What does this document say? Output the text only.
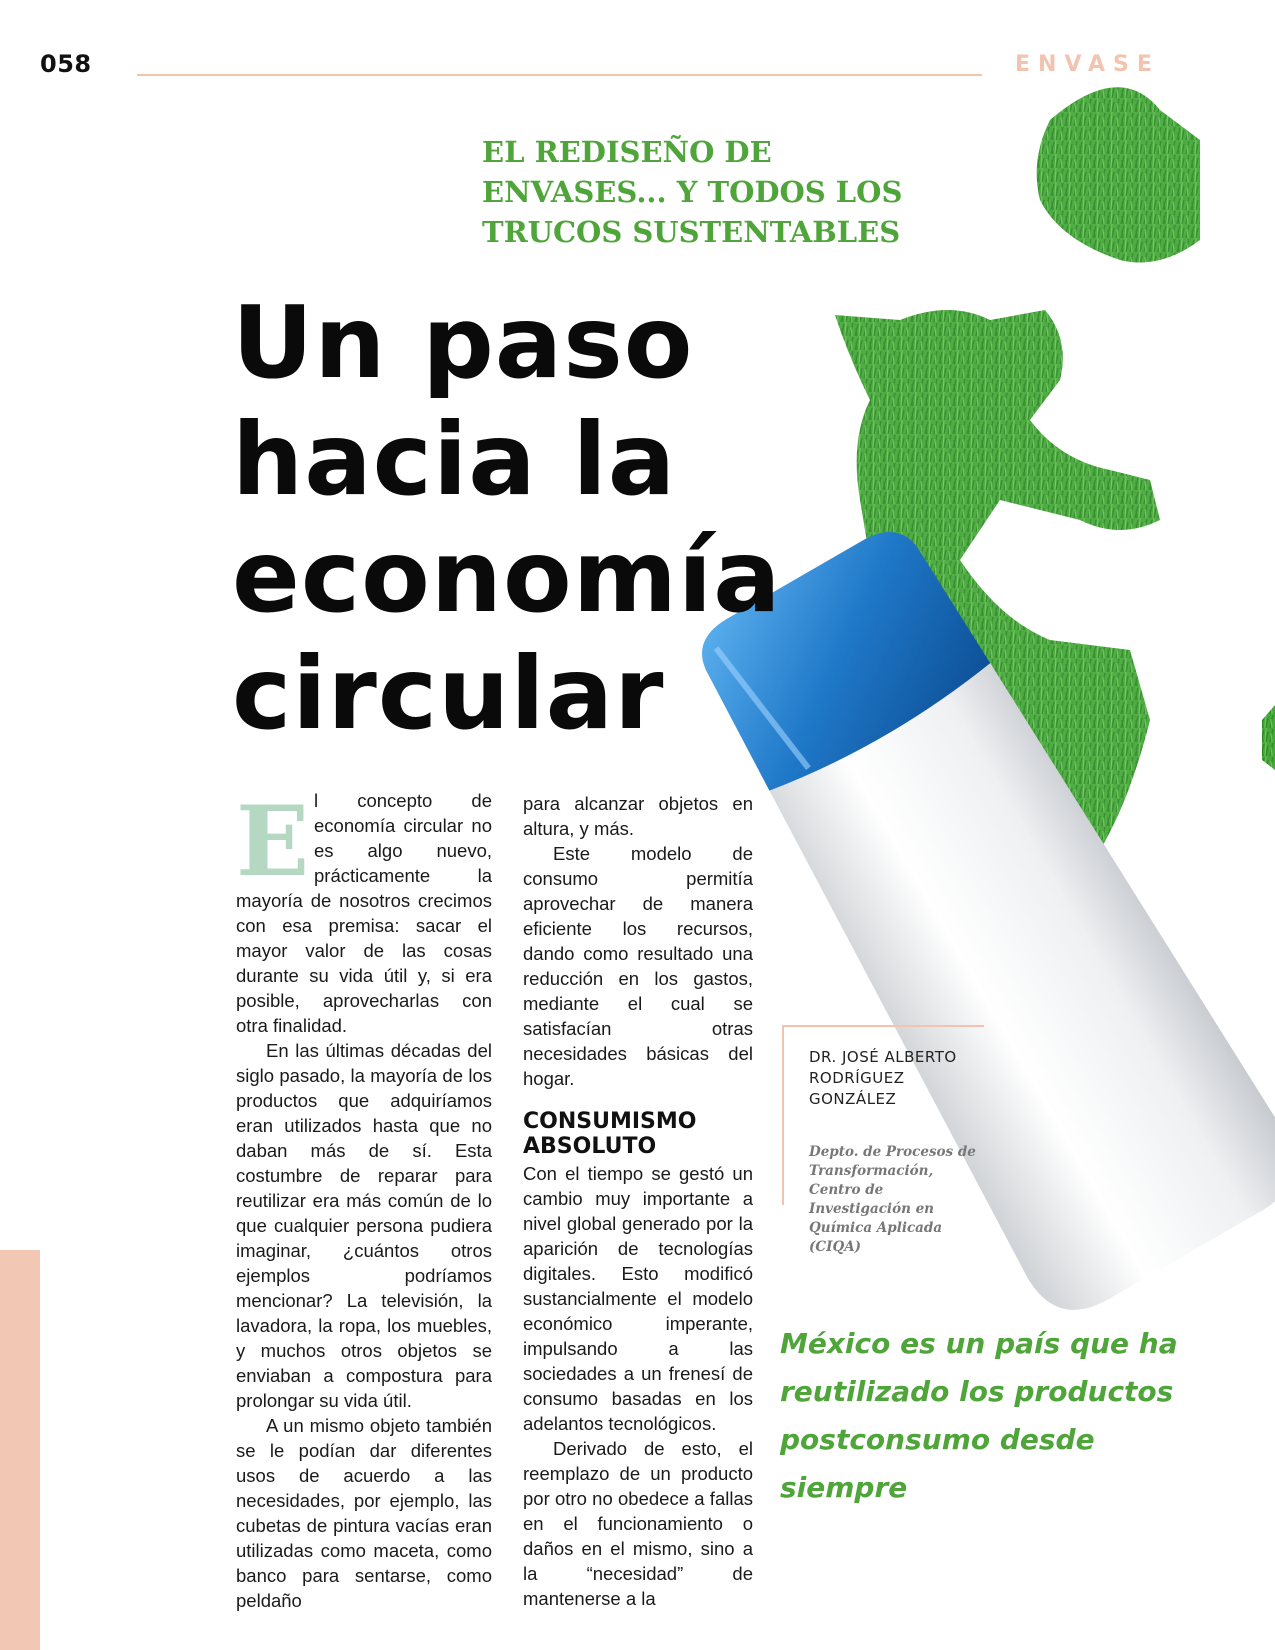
058	ENVASE
EL REDISEÑO DE ENVASES... Y TODOS LOS TRUCOS SUSTENTABLES
Un paso
hacia la
economía
circular

El concepto de economía circular no es algo nuevo, prácticamente la mayoría de nosotros crecimos con esa premisa: sacar el mayor valor de las cosas durante su vida útil y, si era posible, aprovecharlas con otra finalidad.

En las últimas décadas del siglo pasado, la mayoría de los productos que adquiríamos eran utilizados hasta que no daban más de sí. Esta costumbre de reparar para reutilizar era más común de lo que cualquier persona pudiera imaginar, ¿cuántos otros ejemplos podríamos mencionar? La televisión, la lavadora, la ropa, los muebles, y muchos otros objetos se enviaban a compostura para prolongar su vida útil.

A un mismo objeto también se le podían dar diferentes usos de acuerdo a las necesidades, por ejemplo, las cubetas de pintura vacías eran utilizadas como maceta, como banco para sentarse, como peldaño

para alcanzar objetos en altura, y más.

Este modelo de consumo permitía aprovechar de manera eficiente los recursos, dando como resultado una reducción en los gastos, mediante el cual se satisfacían otras necesidades básicas del hogar.

CONSUMISMO ABSOLUTO

Con el tiempo se gestó un cambio muy importante a nivel global generado por la aparición de tecnologías digitales. Esto modificó sustancialmente el modelo económico imperante, impulsando a las sociedades a un frenesí de consumo basadas en los adelantos tecnológicos.

Derivado de esto, el reemplazo de un producto por otro no obedece a fallas en el funcionamiento o daños en el mismo, sino a la “necesidad” de mantenerse a la

DR. JOSÉ ALBERTO RODRÍGUEZ GONZÁLEZ
Depto. de Procesos de Transformación, Centro de Investigación en Química Aplicada (CIQA)
México es un país que ha reutilizado los productos postconsumo desde siempre
